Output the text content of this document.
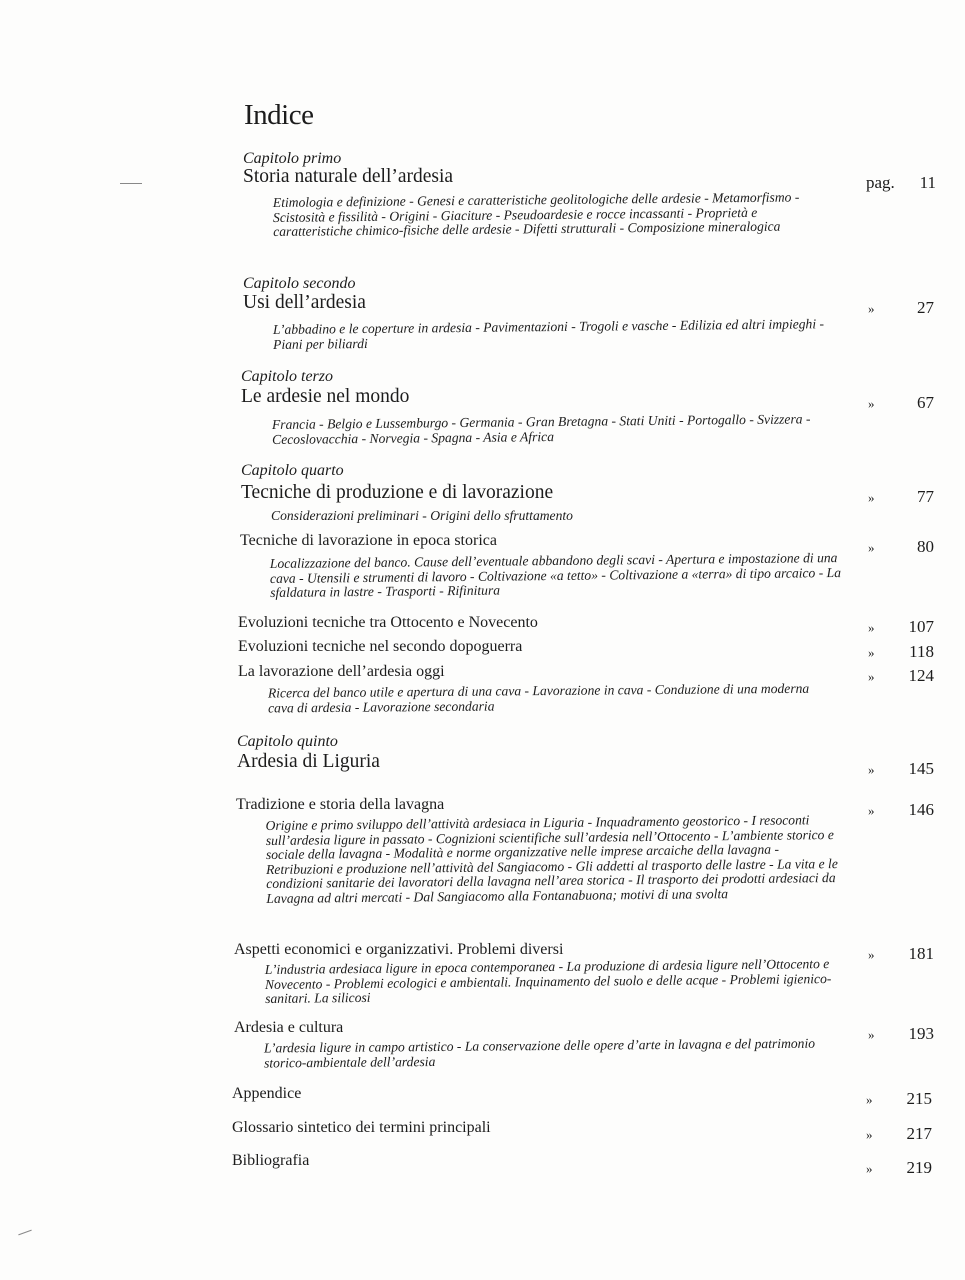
Indice
Capitolo primo
Storia naturale dell’ardesia	pag. 11
Etimologia e definizione - Genesi e caratteristiche geolitologiche delle ardesie - Metamorfismo - Scistosità e fissilità - Origini - Giaciture - Pseudoardesie e rocce incassanti - Proprietà e caratteristiche chimico-fisiche delle ardesie - Difetti strutturali - Composizione mineralogica
Capitolo secondo
Usi dell’ardesia	»	27
L’abbadino e le coperture in ardesia - Pavimentazioni - Trogoli e vasche - Edilizia ed altri impieghi - Piani per biliardi
Capitolo terzo
Le ardesie nel mondo	»	67
Francia - Belgio e Lussemburgo - Germania - Gran Bretagna - Stati Uniti - Portogallo - Svizzera - Cecoslovacchia - Norvegia - Spagna - Asia e Africa
Capitolo quarto
Tecniche di produzione e di lavorazione	»	77
Considerazioni preliminari - Origini dello sfruttamento
Tecniche di lavorazione in epoca storica	»	80
Localizzazione del banco. Cause dell’eventuale abbandono degli scavi - Apertura e impostazione di una cava - Utensili e strumenti di lavoro - Coltivazione «a tetto» - Coltivazione a «terra» di tipo arcaico - La sfaldatura in lastre - Trasporti - Rifinitura
Evoluzioni tecniche tra Ottocento e Novecento	» 107
Evoluzioni tecniche nel secondo dopoguerra	» 118
La lavorazione dell’ardesia oggi	» 124
Ricerca del banco utile e apertura di una cava - Lavorazione in cava - Conduzione di una moderna cava di ardesia - Lavorazione secondaria
Capitolo quinto
Ardesia di Liguria	» 145
Tradizione e storia della lavagna	» 146
Origine e primo sviluppo dell’attività ardesiaca in Liguria - Inquadramento geostorico - I resoconti sull’ardesia ligure in passato - Cognizioni scientifiche sull’ardesia nell’Ottocento - L’ambiente storico e sociale della lavagna - Modalità e norme organizzative nelle imprese arcaiche della lavagna - Retribuzioni e produzione nell’attività del Sangiacomo - Gli addetti al trasporto delle lastre - La vita e le condizioni sanitarie dei lavoratori della lavagna nell’area storica - Il trasporto dei prodotti ardesiaci da Lavagna ad altri mercati - Dal Sangiacomo alla Fontanabuona; motivi di una svolta
Aspetti economici e organizzativi. Problemi diversi	» 181
L’industria ardesiaca ligure in epoca contemporanea - La produzione di ardesia ligure nell’Ottocento e Novecento - Problemi ecologici e ambientali. Inquinamento del suolo e delle acque - Problemi igienico-sanitari. La silicosi
Ardesia e cultura	» 193
L’ardesia ligure in campo artistico - La conservazione delle opere d’arte in lavagna e del patrimonio storico-ambientale dell’ardesia
Appendice	» 215
Glossario sintetico dei termini principali	» 217
Bibliografia	» 219
